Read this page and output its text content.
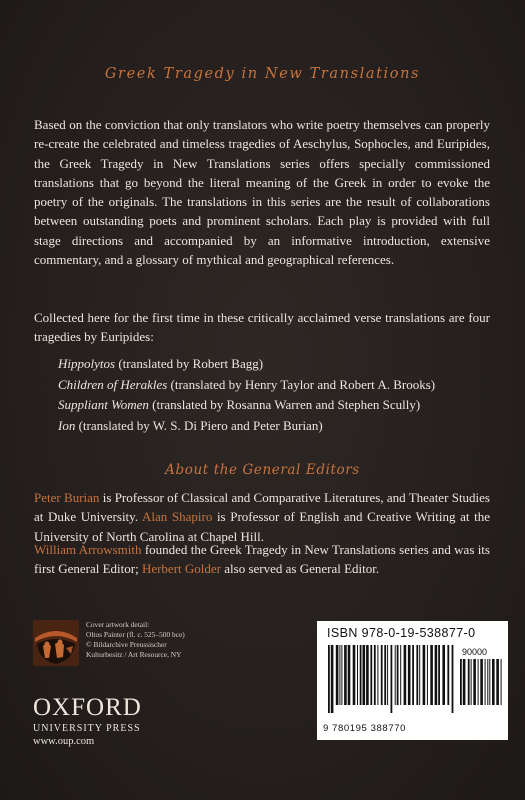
Greek Tragedy in New Translations
Based on the conviction that only translators who write poetry themselves can properly re-create the celebrated and timeless tragedies of Aeschylus, Sophocles, and Euripides, the Greek Tragedy in New Translations series offers specially commissioned translations that go beyond the literal meaning of the Greek in order to evoke the poetry of the originals. The translations in this series are the result of collaborations between outstanding poets and prominent scholars. Each play is provided with full stage directions and accompanied by an informative introduction, extensive commentary, and a glossary of mythical and geographical references.
Collected here for the first time in these critically acclaimed verse translations are four tragedies by Euripides:
Hippolytos (translated by Robert Bagg)
Children of Herakles (translated by Henry Taylor and Robert A. Brooks)
Suppliant Women (translated by Rosanna Warren and Stephen Scully)
Ion (translated by W. S. Di Piero and Peter Burian)
About the General Editors
Peter Burian is Professor of Classical and Comparative Literatures, and Theater Studies at Duke University. Alan Shapiro is Professor of English and Creative Writing at the University of North Carolina at Chapel Hill.
William Arrowsmith founded the Greek Tragedy in New Translations series and was its first General Editor; Herbert Golder also served as General Editor.
Cover artwork detail:
Oltos Painter (fl. c. 525–500 bce)
© Bildarchive Preussischer
Kulturbesitz / Art Resource, NY
OXFORD
UNIVERSITY PRESS
www.oup.com
ISBN 978-0-19-538877-0
90000
9 780195 388770
